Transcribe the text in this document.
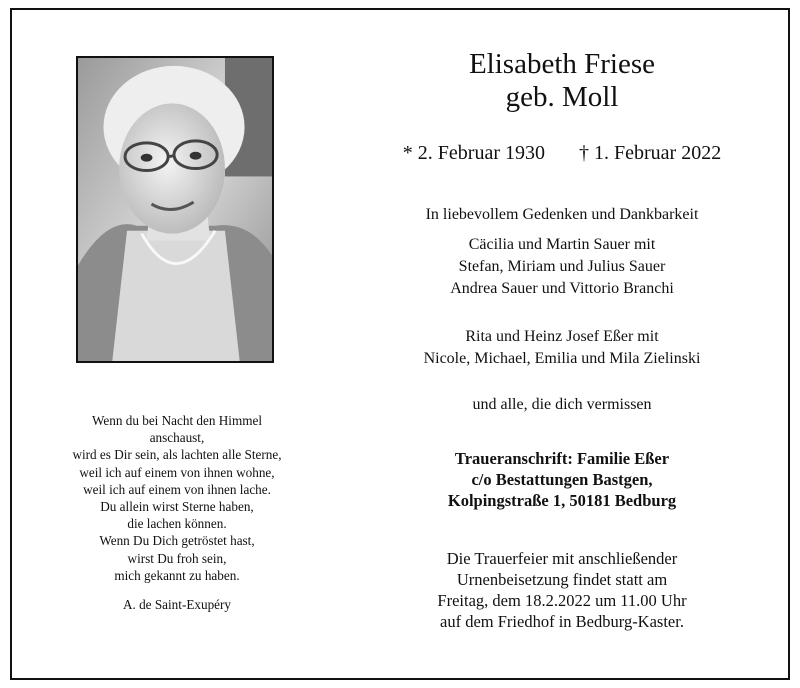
Wenn du bei Nacht den Himmel
anschaust,
wird es Dir sein, als lachten alle Sterne,
weil ich auf einem von ihnen wohne,
weil ich auf einem von ihnen lache.
Du allein wirst Sterne haben,
die lachen können.
Wenn Du Dich getröstet hast,
wirst Du froh sein,
mich gekannt zu haben.
A. de Saint-Exupéry
Elisabeth Friese
geb. Moll
* 2. Februar 1930 † 1. Februar 2022
In liebevollem Gedenken und Dankbarkeit
Cäcilia und Martin Sauer mit
Stefan, Miriam und Julius Sauer
Andrea Sauer und Vittorio Branchi
Rita und Heinz Josef Eßer mit
Nicole, Michael, Emilia und Mila Zielinski
und alle, die dich vermissen
Traueranschrift: Familie Eßer
c/o Bestattungen Bastgen,
Kolpingstraße 1, 50181 Bedburg
Die Trauerfeier mit anschließender
Urnenbeisetzung findet statt am
Freitag, dem 18.2.2022 um 11.00 Uhr
auf dem Friedhof in Bedburg-Kaster.
